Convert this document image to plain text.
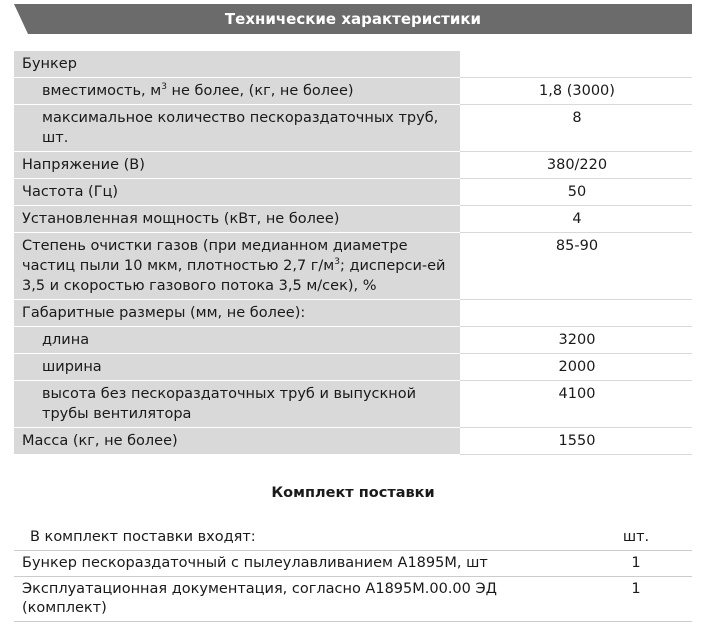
Технические характеристики
Бункер	
вместимость, $м^3$ не более, (кг, не более)	1,8 (3000)
максимальное количество пескораздаточных труб, шт.	8
Напряжение (В)	380/220
Частота (Гц)	50
Установленная мощность (кВт, не более)	4
Степень очистки газов (при медианном диаметре частиц пыли 10 мкм, плотностью 2,7 $г/м^3$; дисперси-ей 3,5 и скоростью газового потока 3,5 м/сек), %	85-90
Габаритные размеры (мм, не более):	
длина	3200
ширина	2000
высота без пескораздаточных труб и выпускной трубы вентилятора	4100
Масса (кг, не более)	1550
Комплект поставки
В комплект поставки входят:	шт.
Бункер пескораздаточный с пылеулавливанием А1895М, шт	1
Эксплуатационная документация, согласно А1895М.00.00 ЭД (комплект)	1
